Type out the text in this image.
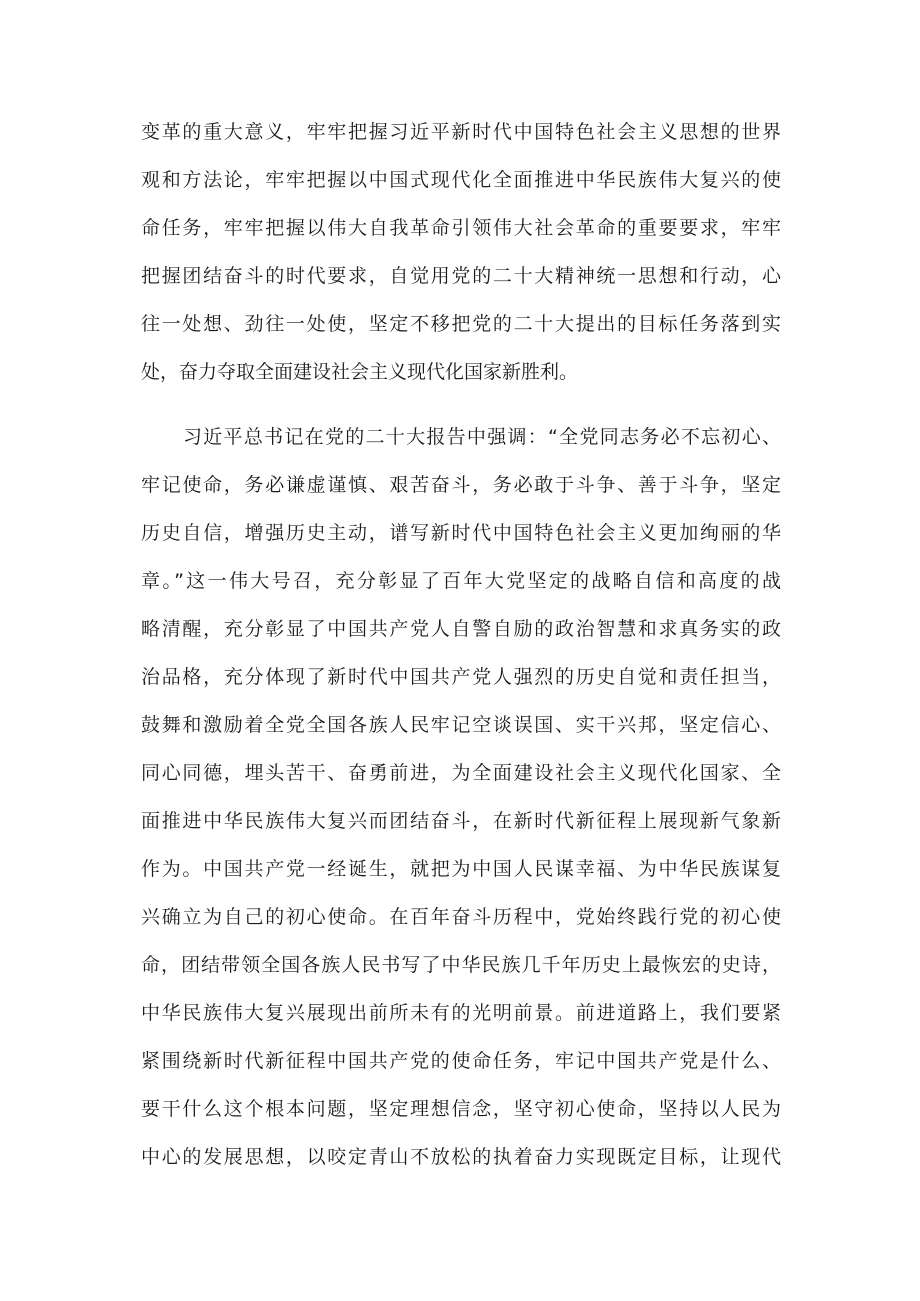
变革的重大意义，牢牢把握习近平新时代中国特色社会主义思想的世界
观和方法论，牢牢把握以中国式现代化全面推进中华民族伟大复兴的使
命任务，牢牢把握以伟大自我革命引领伟大社会革命的重要要求，牢牢
把握团结奋斗的时代要求，自觉用党的二十大精神统一思想和行动，心
往一处想、劲往一处使，坚定不移把党的二十大提出的目标任务落到实
处，奋力夺取全面建设社会主义现代化国家新胜利。
习近平总书记在党的二十大报告中强调：“全党同志务必不忘初心、
牢记使命，务必谦虚谨慎、艰苦奋斗，务必敢于斗争、善于斗争，坚定
历史自信，增强历史主动，谱写新时代中国特色社会主义更加绚丽的华
章。”这一伟大号召，充分彰显了百年大党坚定的战略自信和高度的战
略清醒，充分彰显了中国共产党人自警自励的政治智慧和求真务实的政
治品格，充分体现了新时代中国共产党人强烈的历史自觉和责任担当，
鼓舞和激励着全党全国各族人民牢记空谈误国、实干兴邦，坚定信心、
同心同德，埋头苦干、奋勇前进，为全面建设社会主义现代化国家、全
面推进中华民族伟大复兴而团结奋斗，在新时代新征程上展现新气象新
作为。中国共产党一经诞生，就把为中国人民谋幸福、为中华民族谋复
兴确立为自己的初心使命。在百年奋斗历程中，党始终践行党的初心使
命，团结带领全国各族人民书写了中华民族几千年历史上最恢宏的史诗，
中华民族伟大复兴展现出前所未有的光明前景。前进道路上，我们要紧
紧围绕新时代新征程中国共产党的使命任务，牢记中国共产党是什么、
要干什么这个根本问题，坚定理想信念，坚守初心使命，坚持以人民为
中心的发展思想，以咬定青山不放松的执着奋力实现既定目标，让现代
